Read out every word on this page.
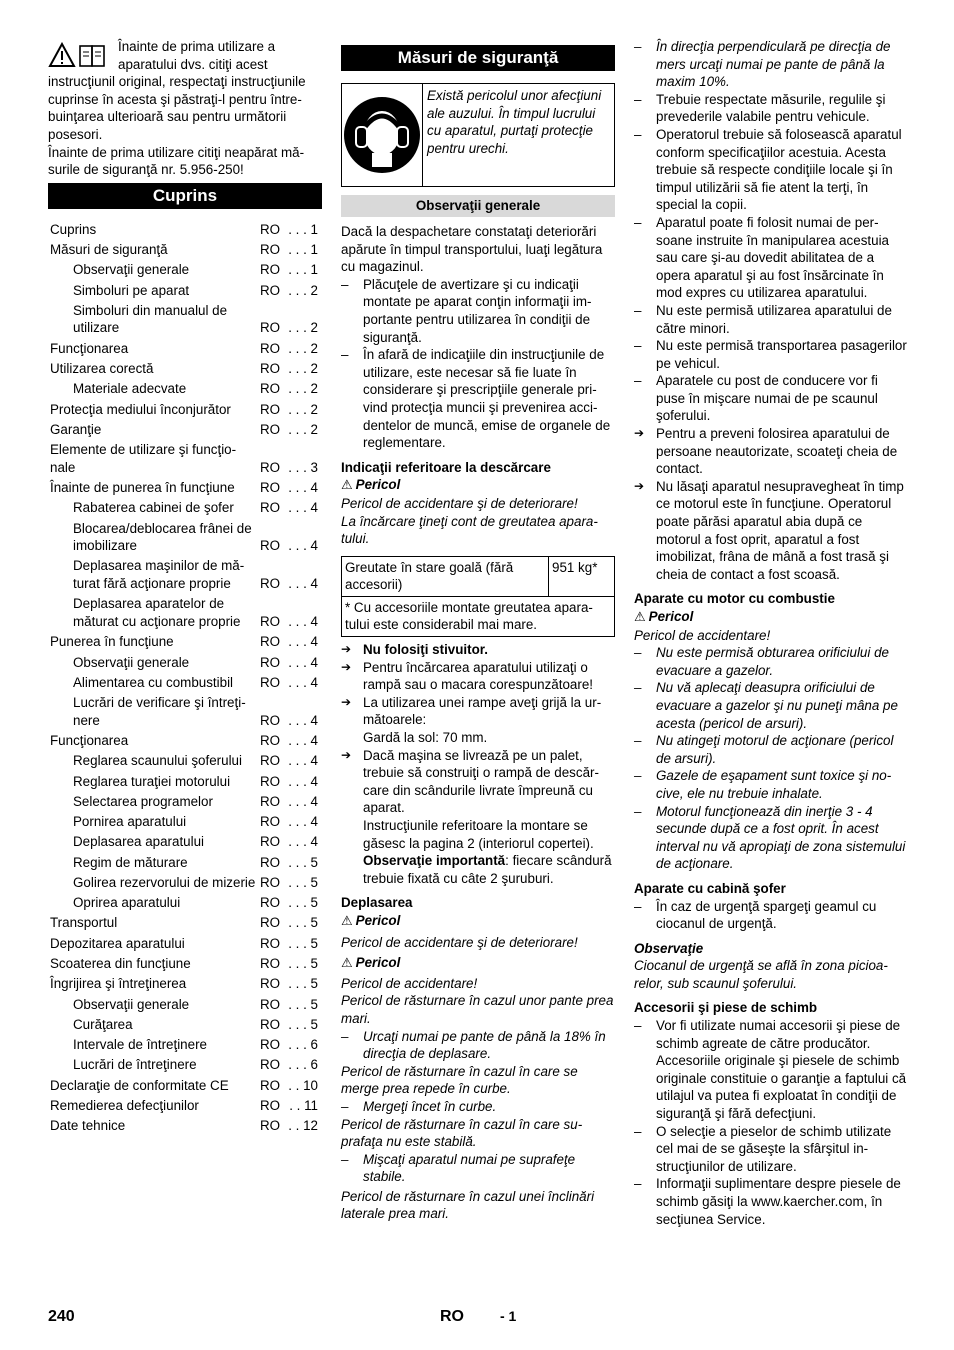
Înainte de prima utilizare a aparatului dvs. citiţi acest instrucţiunil original, respectaţi instrucţiunile cuprinse în acesta şi păstraţi-l pentru întrebuinţarea ulterioară sau pentru următorii posesori.

Înainte de prima utilizare citiţi neapărat măsurile de siguranţă nr. 5.956-250!

Cuprins
Cuprins	RO . . . 1
Măsuri de siguranţă	RO . . . 1
Observaţii generale	RO . . . 1
Simboluri pe aparat	RO . . . 2
Simboluri din manualul de utilizare	RO . . . 2
Funcţionarea	RO . . . 2
Utilizarea corectă	RO . . . 2
Materiale adecvate	RO . . . 2
Protecţia mediului înconjurător RO . . . 2
Garanţie	RO . . . 2
Elemente de utilizare şi funcţionale	RO . . . 3
Înainte de punerea în funcţiune RO . . . 4
Rabaterea cabinei de şofer RO . . . 4
Blocarea/deblocarea frânei de imobilizare	RO . . . 4
Deplasarea maşinilor de măturat fără acţionare proprie RO . . . 4
Deplasarea aparatelor de măturat cu acţionare proprie RO . . . 4
Punerea în funcţiune	RO . . . 4
Observaţii generale	RO . . . 4
Alimentarea cu combustibil RO . . . 4
Lucrări de verificare şi întreţinere	RO . . . 4
Funcţionarea	RO . . . 4
Reglarea scaunului şoferului RO . . . 4
Reglarea turaţiei motorului RO . . . 4
Selectarea programelor	RO . . . 4
Pornirea aparatului	RO . . . 4
Deplasarea aparatului	RO . . . 4
Regim de măturare	RO . . . 5
Golirea rezervorului de mizerie RO . . . 5
Oprirea aparatului	RO . . . 5
Transportul	RO . . . 5
Depozitarea aparatului	RO . . . 5
Scoaterea din funcţiune	RO . . . 5
Îngrijirea şi întreţinerea	RO . . . 5
Observaţii generale	RO . . . 5
Curăţarea	RO . . . 5
Intervale de întreţinere	RO . . . 6
Lucrări de întreţinere	RO . . . 6
Declaraţie de conformitate CE RO . . 10
Remedierea defecţiunilor	RO . . 11
Date tehnice	RO . . 12
Măsuri de siguranţă
Există pericolul unor afecţiuni ale auzului. În timpul lucrului cu aparatul, purtaţi protecţie pentru urechi.
Observaţii generale

Dacă la despachetare constataţi deteriorări apărute în timpul transportului, luaţi legătura cu magazinul.

– Plăcuţele de avertizare şi cu indicaţii montate pe aparat conţin informaţii importante pentru utilizarea în condiţii de siguranţă.

– În afară de indicaţiile din instrucţiunile de utilizare, este necesar să fie luate în considerare şi prescripţiile generale privind protecţia muncii şi prevenirea accidentelor de muncă, emise de organele de reglementare.

Indicaţii referitoare la descărcare

⚠ Pericol

Pericol de accidentare şi de deteriorare!

La încărcare ţineţi cont de greutatea aparatului.

Greutate în stare goală (fără accesorii)	951 kg*
* Cu accesoriile montate greutatea aparatului este considerabil mai mare.

➔ Nu folosiţi stivuitor.

➔ Pentru încărcarea aparatului utilizaţi o rampă sau o macara corespunzătoare!

➔ La utilizarea unei rampe aveţi grijă la următoarele:

Gardă la sol: 70 mm.

➔ Dacă maşina se livrează pe un palet, trebuie să construiţi o rampă de descărcare din scândurile livrate împreună cu aparat.

Instrucţiunile referitoare la montare se găsesc la pagina 2 (interiorul copertei).

Observaţie importantă: fiecare scândură trebuie fixată cu câte 2 şuruburi.

Deplasarea

⚠ Pericol

Pericol de accidentare şi de deteriorare!

⚠ Pericol

Pericol de accidentare!

Pericol de răsturnare în cazul unor pante prea mari.

– Urcaţi numai pe pante de până la 18% în direcţia de deplasare.

Pericol de răsturnare în cazul în care se merge prea repede în curbe.

– Mergeţi încet în curbe.

Pericol de răsturnare în cazul în care suprafaţa nu este stabilă.

– Mişcaţi aparatul numai pe suprafeţe stabile.

Pericol de răsturnare în cazul unei înclinări laterale prea mari.

– În direcţia perpendiculară pe direcţia de mers urcaţi numai pe pante de până la maxim 10%.

– Trebuie respectate măsurile, regulile şi prevederile valabile pentru vehicule.

– Operatorul trebuie să folosească aparatul conform specificaţiilor acestuia. Acesta trebuie să respecte condiţiile locale şi în timpul utilizării să fie atent la terţi, în special la copii.

– Aparatul poate fi folosit numai de persoane instruite în manipularea acestuia sau care şi-au dovedit abilitatea de a opera aparatul şi au fost însărcinate în mod expres cu utilizarea aparatului.

– Nu este permisă utilizarea aparatului de către minori.

– Nu este permisă transportarea pasagerilor pe vehicul.

– Aparatele cu post de conducere vor fi puse în mişcare numai de pe scaunul şoferului.

➔ Pentru a preveni folosirea aparatului de persoane neautorizate, scoateţi cheia de contact.

➔ Nu lăsaţi aparatul nesupravegheat în timp ce motorul este în funcţiune. Operatorul poate părăsi aparatul abia după ce motorul a fost oprit, aparatul a fost imobilizat, frâna de mână a fost trasă şi cheia de contact a fost scoasă.

Aparate cu motor cu combustie

⚠ Pericol

Pericol de accidentare!

– Nu este permisă obturarea orificiului de evacuare a gazelor.

– Nu vă aplecaţi deasupra orificiului de evacuare a gazelor şi nu puneţi mâna pe acesta (pericol de arsuri).

– Nu atingeţi motorul de acţionare (pericol de arsuri).

– Gazele de eşapament sunt toxice şi nocive, ele nu trebuie inhalate.

– Motorul funcţionează din inerţie 3 - 4 secunde după ce a fost oprit. În acest interval nu vă apropiaţi de zona sistemului de acţionare.

Aparate cu cabină şofer

– În caz de urgenţă spargeţi geamul cu ciocanul de urgenţă.

Observaţie

Ciocanul de urgenţă se află în zona picioarelor, sub scaunul şoferului.

Accesorii şi piese de schimb

– Vor fi utilizate numai accesorii şi piese de schimb agreate de către producător. Accesoriile originale şi piesele de schimb originale constituie o garanţie a faptului că utilajul va putea fi exploatat în condiţii de siguranţă şi fără defecţiuni.

– O selecţie a pieselor de schimb utilizate cel mai de se găseşte la sfârşitul instrucţiunilor de utilizare.

– Informaţii suplimentare despre piesele de schimb găsiţi la www.kaercher.com, în secţiunea Service.

240	RO	- 1
